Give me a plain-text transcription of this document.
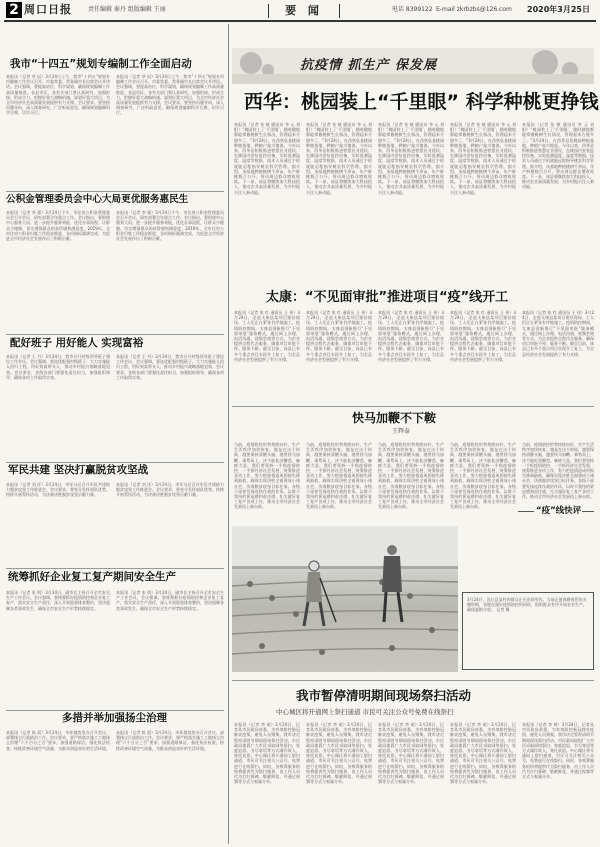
2 周口日报	责任编辑 秦丹 组版编辑 王丽	要 闻	电话 8399122 E-mail zkrbzbs@126.com 2020年3月25日
我市“十四五”规划专编制工作全面启动
本报讯（记者 华 辰）3月24日上午，我市“十四五”规划专项编制工作会议召开。市委常委、常务副市长出席会议并讲话。会议强调，要提高站位，科学谋划，确保规划编制工作高质量推进。各县市区、各有关部门要认真研究，加强衔接，形成合力，把握好重大战略机遇，谋划好重大项目，为全市经济社会高质量发展提供有力支撑。会议要求，要坚持问题导向，深入调查研究，广泛听取意见，确保规划编制科学合理、切实可行。
本报讯（记者 华 辰）3月24日上午，我市“十四五”规划专项编制工作会议召开。市委常委、常务副市长出席会议并讲话。会议强调，要提高站位，科学谋划，确保规划编制工作高质量推进。各县市区、各有关部门要认真研究，加强衔接，形成合力，把握好重大战略机遇，谋划好重大项目，为全市经济社会高质量发展提供有力支撑。会议要求，要坚持问题导向，深入调查研究，广泛听取意见，确保规划编制科学合理、切实可行。
公积金管理委员会中心大局更优服务惠民生
本报讯（记者 李 强）3月24日下午，市住房公积金管理委员会召开会议，研究部署全年重点工作。会议指出，要围绕中心服务大局，进一步提升服务效能，优化办事流程，让群众少跑腿，切实增强群众的获得感和满意度。2019年，全市住房公积金归集工作稳步推进，各项指标圆满完成，为促进全市经济社会发展作出了积极贡献。
本报讯（记者 李 强）3月24日下午，市住房公积金管理委员会召开会议，研究部署全年重点工作。会议指出，要围绕中心服务大局，进一步提升服务效能，优化办事流程，让群众少跑腿，切实增强群众的获得感和满意度。2019年，全市住房公积金归集工作稳步推进，各项指标圆满完成，为促进全市经济社会发展作出了积极贡献。
配好班子 用好能人 实现富裕
本报讯（记者 王 丹）3月24日，我市召开村级领导班子建设工作会议。会议强调，要选优配强村级班子，大力实施能人回归工程，用好致富带头人，推动乡村振兴战略落地见效。会议要求，各级各部门要强化责任担当，加强组织领导，确保各项工作取得实效。
本报讯（记者 王 丹）3月24日，我市召开村级领导班子建设工作会议。会议强调，要选优配强村级班子，大力实施能人回归工程，用好致富带头人，推动乡村振兴战略落地见效。会议要求，各级各部门要强化责任担当，加强组织领导，确保各项工作取得实效。
军民共建 坚决打赢脱贫攻坚战
本报讯（记者 刘 洋）3月24日，市军分区召开军民共建助力脱贫攻坚工作推进会。会议要求，要充分发挥部队优势，持续开展帮扶活动，为决战决胜脱贫攻坚贡献力量。
本报讯（记者 刘 洋）3月24日，市军分区召开军民共建助力脱贫攻坚工作推进会。会议要求，要充分发挥部队优势，持续开展帮扶活动，为决战决胜脱贫攻坚贡献力量。
统筹抓好企业复工复产期间安全生产
本报讯（记者 张 明）3月24日，副市长主持召开全市安全生产工作会议。会议强调，要统筹抓好疫情防控和企业复工复产，落实安全生产责任，深入开展隐患排查整治，坚决遏制各类事故发生，确保全市安全生产形势持续稳定。
本报讯（记者 张 明）3月24日，副市长主持召开全市安全生产工作会议。会议强调，要统筹抓好疫情防控和企业复工复产，落实安全生产责任，深入开展隐患排查整治，坚决遏制各类事故发生，确保全市安全生产形势持续稳定。
多措并举加强扬尘治理
本报讯（记者 陈 晨）3月24日，市环境攻坚办召开会议，部署扬尘污染防治工作。会议要求，要严格落实施工工地扬尘治理“六个百分之百”要求，加强道路保洁，强化执法检查，持续改善环境空气质量，为群众创造良好的生活环境。
本报讯（记者 陈 晨）3月24日，市环境攻坚办召开会议，部署扬尘污染防治工作。会议要求，要严格落实施工工地扬尘治理“六个百分之百”要求，加强道路保洁，强化执法检查，持续改善环境空气质量，为群众创造良好的生活环境。
抗疫情 抓生产 保发展
西华：桃园装上“千里眼” 科学种桃更挣钱
本报讯（记者 张 敏 通讯员 李 元 刘阳）“桃园装上了‘千里眼’，随时随地都能掌握桃树生长情况，管理起来方便多了。”3月24日，在西华县某桃园种植基地，种植户高兴地说。今年以来，西华县积极推进智慧农业建设，在桃园内安装监控设备，实时监测温度、湿度等数据，技术人员通过手机就能远程指导桃农科学管理。据介绍，该基地种植桃树千余亩，年产鲜桃数百万斤，带动周边群众增收致富。下一步，该县将继续加大科技投入，推动农业高质量发展，为乡村振兴注入新动能。
本报讯（记者 张 敏 通讯员 李 元 刘阳）“桃园装上了‘千里眼’，随时随地都能掌握桃树生长情况，管理起来方便多了。”3月24日，在西华县某桃园种植基地，种植户高兴地说。今年以来，西华县积极推进智慧农业建设，在桃园内安装监控设备，实时监测温度、湿度等数据，技术人员通过手机就能远程指导桃农科学管理。据介绍，该基地种植桃树千余亩，年产鲜桃数百万斤，带动周边群众增收致富。下一步，该县将继续加大科技投入，推动农业高质量发展，为乡村振兴注入新动能。
本报讯（记者 张 敏 通讯员 李 元 刘阳）“桃园装上了‘千里眼’，随时随地都能掌握桃树生长情况，管理起来方便多了。”3月24日，在西华县某桃园种植基地，种植户高兴地说。今年以来，西华县积极推进智慧农业建设，在桃园内安装监控设备，实时监测温度、湿度等数据，技术人员通过手机就能远程指导桃农科学管理。据介绍，该基地种植桃树千余亩，年产鲜桃数百万斤，带动周边群众增收致富。下一步，该县将继续加大科技投入，推动农业高质量发展，为乡村振兴注入新动能。
本报讯（记者 张 敏 通讯员 李 元 刘阳）“桃园装上了‘千里眼’，随时随地都能掌握桃树生长情况，管理起来方便多了。”3月24日，在西华县某桃园种植基地，种植户高兴地说。今年以来，西华县积极推进智慧农业建设，在桃园内安装监控设备，实时监测温度、湿度等数据，技术人员通过手机就能远程指导桃农科学管理。据介绍，该基地种植桃树千余亩，年产鲜桃数百万斤，带动周边群众增收致富。下一步，该县将继续加大科技投入，推动农业高质量发展，为乡村振兴注入新动能。
本报讯（记者 张 敏 通讯员 李 元 刘阳）“桃园装上了‘千里眼’，随时随地都能掌握桃树生长情况，管理起来方便多了。”3月24日，在西华县某桃园种植基地，种植户高兴地说。今年以来，西华县积极推进智慧农业建设，在桃园内安装监控设备，实时监测温度、湿度等数据，技术人员通过手机就能远程指导桃农科学管理。据介绍，该基地种植桃树千余亩，年产鲜桃数百万斤，带动周边群众增收致富。下一步，该县将继续加大科技投入，推动农业高质量发展，为乡村振兴注入新动能。
太康：“不见面审批”推进项目“疫”线开工
本报讯（记者 张 红 通讯员 王 伟）3月24日，走进太康县某项目建设现场，工人们正在紧张有序地施工。疫情防控期间，太康县创新推行“不见面审批”服务模式，通过网上办理、电话沟通、视频会商等方式，为企业提供全程代办服务，确保项目审批不停、服务不断。截至目前，该县已有多个重点项目实现开工复工，为全县经济社会发展提供了有力支撑。
本报讯（记者 张 红 通讯员 王 伟）3月24日，走进太康县某项目建设现场，工人们正在紧张有序地施工。疫情防控期间，太康县创新推行“不见面审批”服务模式，通过网上办理、电话沟通、视频会商等方式，为企业提供全程代办服务，确保项目审批不停、服务不断。截至目前，该县已有多个重点项目实现开工复工，为全县经济社会发展提供了有力支撑。
本报讯（记者 张 红 通讯员 王 伟）3月24日，走进太康县某项目建设现场，工人们正在紧张有序地施工。疫情防控期间，太康县创新推行“不见面审批”服务模式，通过网上办理、电话沟通、视频会商等方式，为企业提供全程代办服务，确保项目审批不停、服务不断。截至目前，该县已有多个重点项目实现开工复工，为全县经济社会发展提供了有力支撑。
本报讯（记者 张 红 通讯员 王 伟）3月24日，走进太康县某项目建设现场，工人们正在紧张有序地施工。疫情防控期间，太康县创新推行“不见面审批”服务模式，通过网上办理、电话沟通、视频会商等方式，为企业提供全程代办服务，确保项目审批不停、服务不断。截至目前，该县已有多个重点项目实现开工复工，为全县经济社会发展提供了有力支撑。
本报讯（记者 张 红 通讯员 王 伟）3月24日，走进太康县某项目建设现场，工人们正在紧张有序地施工。疫情防控期间，太康县创新推行“不见面审批”服务模式，通过网上办理、电话沟通、视频会商等方式，为企业提供全程代办服务，确保项目审批不停、服务不断。截至目前，该县已有多个重点项目实现开工复工，为全县经济社会发展提供了有力支撑。
快马加鞭不下鞍
王辉泰
当前，疫情防控形势持续向好，生产生活秩序加快恢复。越是在这个时候，越要保持清醒头脑，越要快马加鞭、乘势而上，决不能松劲懈怠、麻痹大意。我们要坚持一手抓疫情防控，一手抓经济社会发展，统筹推进各项工作，努力把疫情造成的损失降到最低，确保实现决胜全面建成小康社会、决战脱贫攻坚目标任务。各级干部要发扬连续作战的作风，以时不我待的紧迫感和责任感，扎实做好复工复产各项工作，推动全市经济社会发展再上新台阶。
当前，疫情防控形势持续向好，生产生活秩序加快恢复。越是在这个时候，越要保持清醒头脑，越要快马加鞭、乘势而上，决不能松劲懈怠、麻痹大意。我们要坚持一手抓疫情防控，一手抓经济社会发展，统筹推进各项工作，努力把疫情造成的损失降到最低，确保实现决胜全面建成小康社会、决战脱贫攻坚目标任务。各级干部要发扬连续作战的作风，以时不我待的紧迫感和责任感，扎实做好复工复产各项工作，推动全市经济社会发展再上新台阶。
当前，疫情防控形势持续向好，生产生活秩序加快恢复。越是在这个时候，越要保持清醒头脑，越要快马加鞭、乘势而上，决不能松劲懈怠、麻痹大意。我们要坚持一手抓疫情防控，一手抓经济社会发展，统筹推进各项工作，努力把疫情造成的损失降到最低，确保实现决胜全面建成小康社会、决战脱贫攻坚目标任务。各级干部要发扬连续作战的作风，以时不我待的紧迫感和责任感，扎实做好复工复产各项工作，推动全市经济社会发展再上新台阶。
当前，疫情防控形势持续向好，生产生活秩序加快恢复。越是在这个时候，越要保持清醒头脑，越要快马加鞭、乘势而上，决不能松劲懈怠、麻痹大意。我们要坚持一手抓疫情防控，一手抓经济社会发展，统筹推进各项工作，努力把疫情造成的损失降到最低，确保实现决胜全面建成小康社会、决战脱贫攻坚目标任务。各级干部要发扬连续作战的作风，以时不我待的紧迫感和责任感，扎实做好复工复产各项工作，推动全市经济社会发展再上新台阶。
当前，疫情防控形势持续向好，生产生活秩序加快恢复。越是在这个时候，越要保持清醒头脑，越要快马加鞭、乘势而上，决不能松劲懈怠、麻痹大意。我们要坚持一手抓疫情防控，一手抓经济社会发展，统筹推进各项工作，努力把疫情造成的损失降到最低，确保实现决胜全面建成小康社会、决战脱贫攻坚目标任务。各级干部要发扬连续作战的作风，以时不我待的紧迫感和责任感，扎实做好复工复产各项工作，推动全市经济社会发展再上新台阶。
“疫”线快评
3月24日，沈丘县某村的群众正在田间劳作。当前正值春耕春管的关键时期，各地在做好疫情防控的同时，组织群众有序开展农业生产，确保夏粮丰收。 记者 摄
我市暂停清明期间现场祭扫活动
中心城区将开通网上祭扫通道 市民可关注公众号免费在线祭扫
本报讯（记者 李 萌）3月24日，记者从市民政局获悉，为有效防控新冠肺炎疫情，避免人员聚集，我市决定暂停清明节期间现场祭扫活动。市民政局提倡广大市民采取网络祭扫、家庭追思、书写寄语等方式缅怀故人，寄托哀思。中心城区将开通网上祭扫通道，市民可关注相关公众号，免费进行在线祭扫。同时，各殡葬服务机构将提供代为祭扫服务，由工作人员代为打扫墓碑、敬献鲜花，并通过视频等方式与家属分享。
本报讯（记者 李 萌）3月24日，记者从市民政局获悉，为有效防控新冠肺炎疫情，避免人员聚集，我市决定暂停清明节期间现场祭扫活动。市民政局提倡广大市民采取网络祭扫、家庭追思、书写寄语等方式缅怀故人，寄托哀思。中心城区将开通网上祭扫通道，市民可关注相关公众号，免费进行在线祭扫。同时，各殡葬服务机构将提供代为祭扫服务，由工作人员代为打扫墓碑、敬献鲜花，并通过视频等方式与家属分享。
本报讯（记者 李 萌）3月24日，记者从市民政局获悉，为有效防控新冠肺炎疫情，避免人员聚集，我市决定暂停清明节期间现场祭扫活动。市民政局提倡广大市民采取网络祭扫、家庭追思、书写寄语等方式缅怀故人，寄托哀思。中心城区将开通网上祭扫通道，市民可关注相关公众号，免费进行在线祭扫。同时，各殡葬服务机构将提供代为祭扫服务，由工作人员代为打扫墓碑、敬献鲜花，并通过视频等方式与家属分享。
本报讯（记者 李 萌）3月24日，记者从市民政局获悉，为有效防控新冠肺炎疫情，避免人员聚集，我市决定暂停清明节期间现场祭扫活动。市民政局提倡广大市民采取网络祭扫、家庭追思、书写寄语等方式缅怀故人，寄托哀思。中心城区将开通网上祭扫通道，市民可关注相关公众号，免费进行在线祭扫。同时，各殡葬服务机构将提供代为祭扫服务，由工作人员代为打扫墓碑、敬献鲜花，并通过视频等方式与家属分享。
本报讯（记者 李 萌）3月24日，记者从市民政局获悉，为有效防控新冠肺炎疫情，避免人员聚集，我市决定暂停清明节期间现场祭扫活动。市民政局提倡广大市民采取网络祭扫、家庭追思、书写寄语等方式缅怀故人，寄托哀思。中心城区将开通网上祭扫通道，市民可关注相关公众号，免费进行在线祭扫。同时，各殡葬服务机构将提供代为祭扫服务，由工作人员代为打扫墓碑、敬献鲜花，并通过视频等方式与家属分享。
